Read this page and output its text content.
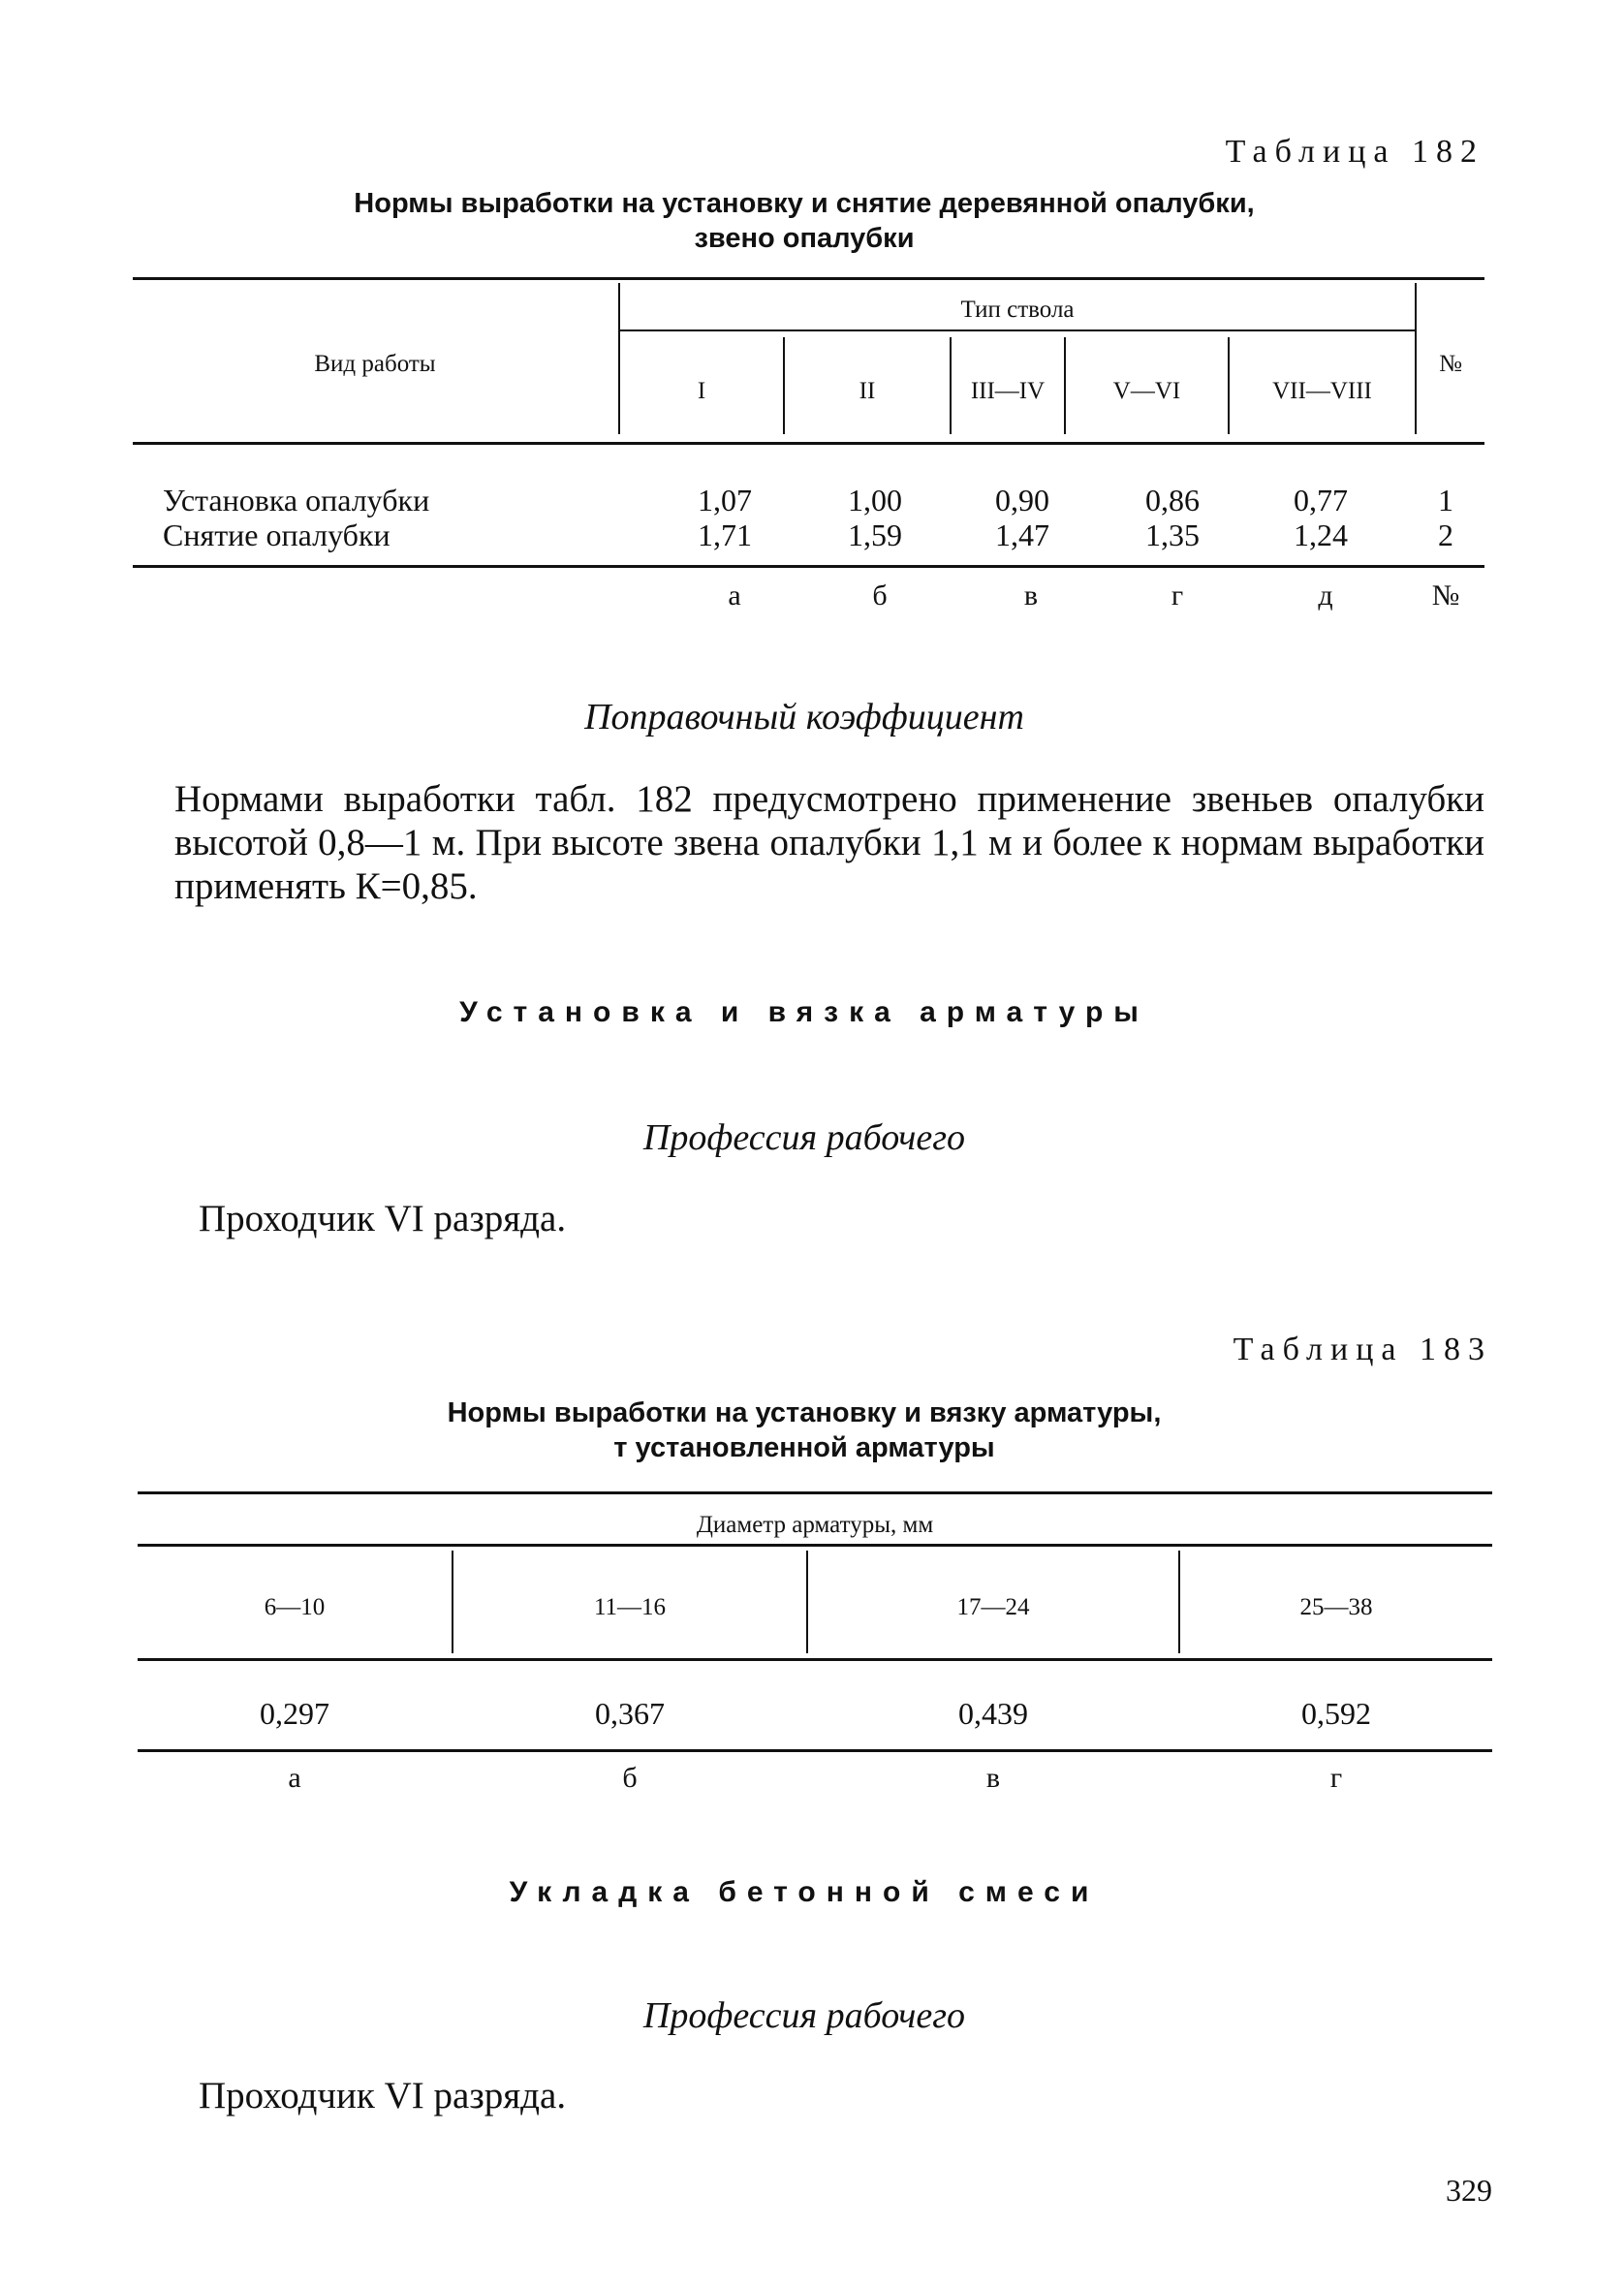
Таблица 182
Нормы выработки на установку и снятие деревянной опалубки,
звено опалубки
Вид работы
Тип ствола
№
I	II	III—IV	V—VI	VII—VIII
Установка опалубки	1,07	1,00	0,90	0,86	0,77	1
Снятие опалубки	1,71	1,59	1,47	1,35	1,24	2
а	б	в	г	д	№
Поправочный коэффициент
Нормами выработки табл. 182 предусмотрено применение звеньев опалубки высотой 0,8—1 м. При высоте звена опалубки 1,1 м и более к нормам выработки применять К=0,85.
Установка и вязка арматуры
Профессия рабочего
Проходчик VI разряда.
Таблица 183
Нормы выработки на установку и вязку арматуры,
т установленной арматуры
Диаметр арматуры, мм
6—10	11—16	17—24	25—38
0,297	0,367	0,439	0,592
а	б	в	г
Укладка бетонной смеси
Профессия рабочего
Проходчик VI разряда.
329
